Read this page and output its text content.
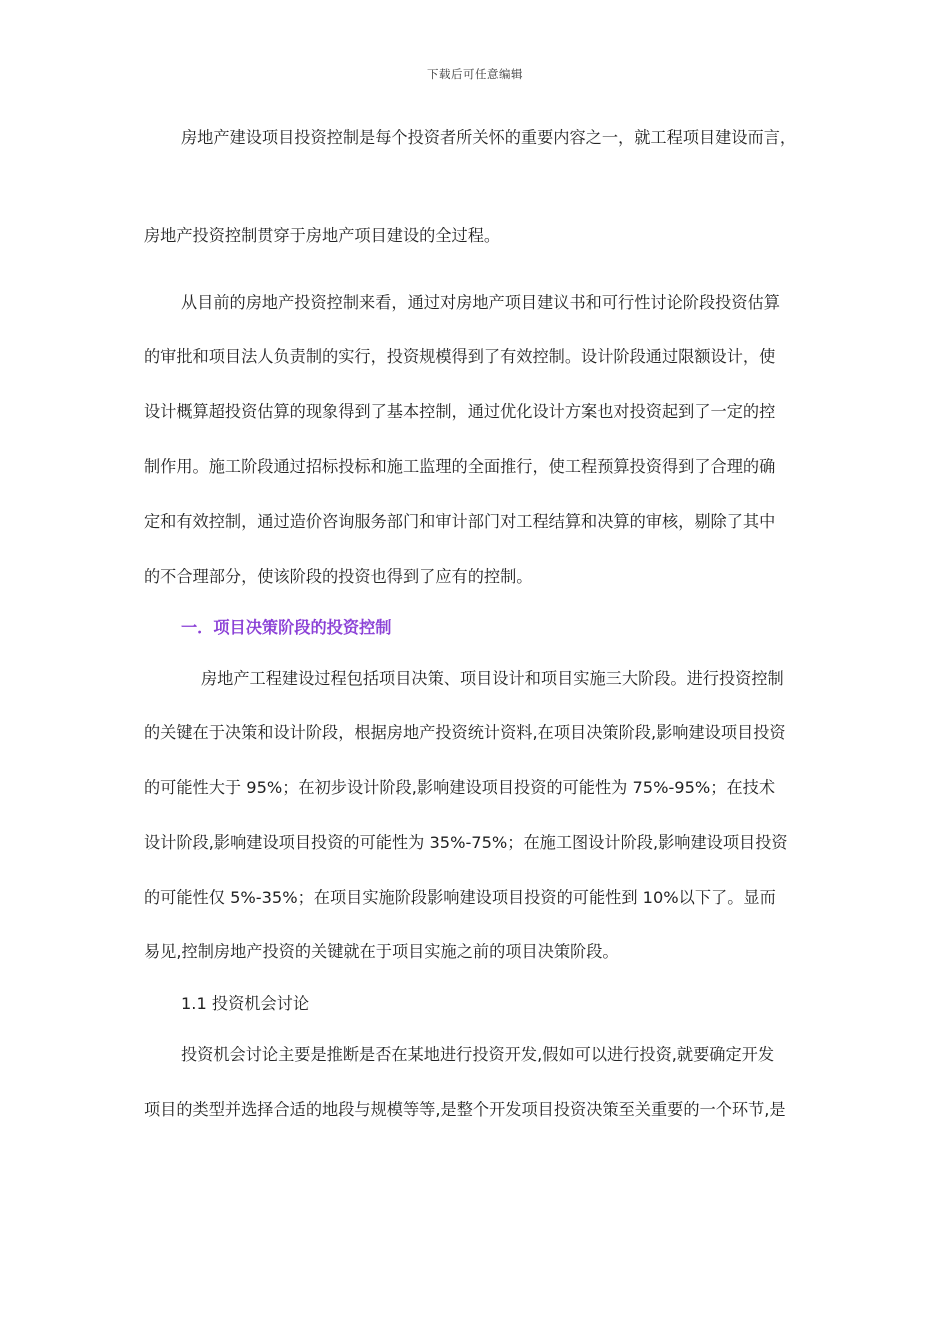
下载后可任意编辑
房地产建设项目投资控制是每个投资者所关怀的重要内容之一，就工程项目建设而言，
房地产投资控制贯穿于房地产项目建设的全过程。
从目前的房地产投资控制来看，通过对房地产项目建议书和可行性讨论阶段投资估算
的审批和项目法人负责制的实行，投资规模得到了有效控制。设计阶段通过限额设计，使
设计概算超投资估算的现象得到了基本控制，通过优化设计方案也对投资起到了一定的控
制作用。施工阶段通过招标投标和施工监理的全面推行，使工程预算投资得到了合理的确
定和有效控制，通过造价咨询服务部门和审计部门对工程结算和决算的审核，剔除了其中
的不合理部分，使该阶段的投资也得到了应有的控制。
一．项目决策阶段的投资控制
房地产工程建设过程包括项目决策、项目设计和项目实施三大阶段。进行投资控制
的关键在于决策和设计阶段，根据房地产投资统计资料,在项目决策阶段,影响建设项目投资
的可能性大于 95%；在初步设计阶段,影响建设项目投资的可能性为 75%-95%；在技术
设计阶段,影响建设项目投资的可能性为 35%-75%；在施工图设计阶段,影响建设项目投资
的可能性仅 5%-35%；在项目实施阶段影响建设项目投资的可能性到 10%以下了。显而
易见,控制房地产投资的关键就在于项目实施之前的项目决策阶段。
1.1 投资机会讨论
投资机会讨论主要是推断是否在某地进行投资开发,假如可以进行投资,就要确定开发
项目的类型并选择合适的地段与规模等等,是整个开发项目投资决策至关重要的一个环节,是
